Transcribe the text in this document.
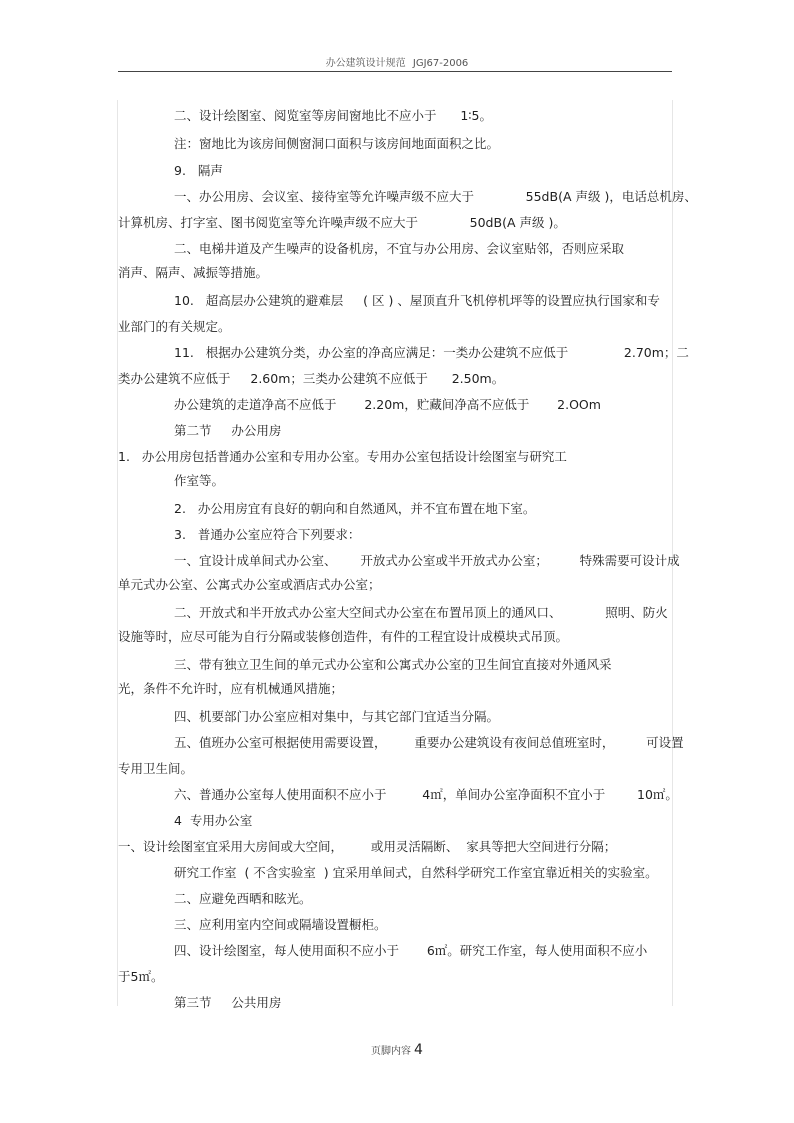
办公建筑设计规范 JGJ67-2006
二、设计绘图室、阅览室等房间窗地比不应小于      1∶5。
注：窗地比为该房间侧窗洞口面积与该房间地面面积之比。
9.   隔声
一、办公用房、会议室、接待室等允许噪声级不应大于             55dB(A 声级 )，电话总机房、
计算机房、打字室、图书阅览室等允许噪声级不应大于             50dB(A 声级 )。
二、电梯井道及产生噪声的设备机房，不宜与办公用房、会议室贴邻，否则应采取
消声、隔声、减振等措施。
10.   超高层办公建筑的避难层     ( 区 ) 、屋顶直升飞机停机坪等的设置应执行国家和专
业部门的有关规定。
11.   根据办公建筑分类，办公室的净高应满足：一类办公建筑不应低于              2.70m；二
类办公建筑不应低于     2.60m；三类办公建筑不应低于      2.50m。
办公建筑的走道净高不应低于       2.20m，贮藏间净高不应低于       2.OOm
第二节     办公用房
1.   办公用房包括普通办公室和专用办公室。专用办公室包括设计绘图室与研究工
作室等。
2.   办公用房宜有良好的朝向和自然通风，并不宜布置在地下室。
3.   普通办公室应符合下列要求：
一、宜设计成单间式办公室、      开放式办公室或半开放式办公室；        特殊需要可设计成
单元式办公室、公寓式办公室或酒店式办公室；
二、开放式和半开放式办公室大空间式办公室在布置吊顶上的通风口、           照明、防火
设施等时，应尽可能为自行分隔或装修创造件，有件的工程宜设计成模块式吊顶。
三、带有独立卫生间的单元式办公室和公寓式办公室的卫生间宜直接对外通风采
光，条件不允许时，应有机械通风措施；
四、机要部门办公室应相对集中，与其它部门宜适当分隔。
五、值班办公室可根据使用需要设置，       重要办公建筑设有夜间总值班室时，        可设置
专用卫生间。
六、普通办公室每人使用面积不应小于         4㎡，单间办公室净面积不宜小于        10㎡。
4  专用办公室
一、设计绘图室宜采用大房间或大空间，       或用灵活隔断、  家具等把大空间进行分隔；
研究工作室  ( 不含实验室  ) 宜采用单间式，自然科学研究工作室宜靠近相关的实验室。
二、应避免西晒和眩光。
三、应利用室内空间或隔墙设置橱柜。
四、设计绘图室，每人使用面积不应小于       6㎡。研究工作室，每人使用面积不应小
于5㎡。
第三节     公共用房
页脚内容 4
